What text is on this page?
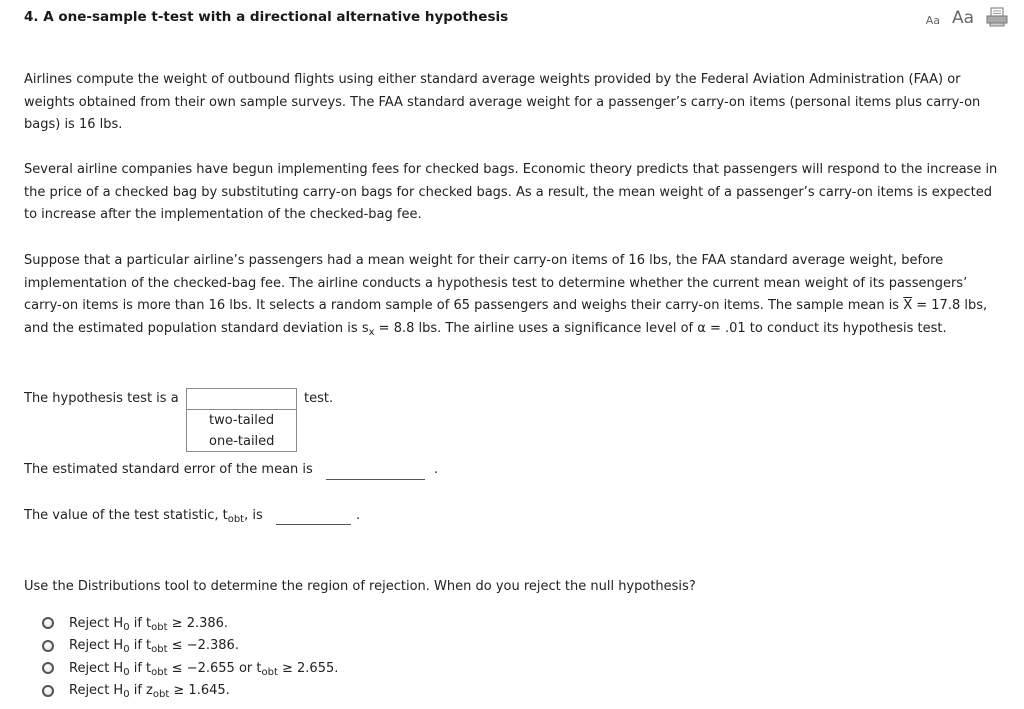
4. A one-sample t-test with a directional alternative hypothesis	Aa Aa

Airlines compute the weight of outbound flights using either standard average weights provided by the Federal Aviation Administration (FAA) or weights obtained from their own sample surveys. The FAA standard average weight for a passenger’s carry-on items (personal items plus carry-on bags) is 16 lbs.

Several airline companies have begun implementing fees for checked bags. Economic theory predicts that passengers will respond to the increase in the price of a checked bag by substituting carry-on bags for checked bags. As a result, the mean weight of a passenger’s carry-on items is expected to increase after the implementation of the checked-bag fee.

Suppose that a particular airline’s passengers had a mean weight for their carry-on items of 16 lbs, the FAA standard average weight, before implementation of the checked-bag fee. The airline conducts a hypothesis test to determine whether the current mean weight of its passengers’ carry-on items is more than 16 lbs. It selects a random sample of 65 passengers and weighs their carry-on items. The sample mean is $\overline{X} = 17.8$ lbs, and the estimated population standard deviation is $s_x = 8.8$ lbs. The airline uses a significance level of α = .01 to conduct its hypothesis test.

The hypothesis test is a
two-tailed
one-tailed
test.
The estimated standard error of the mean is	.
The value of the test statistic, $t_{obt}$, is	.
Use the Distributions tool to determine the region of rejection. When do you reject the null hypothesis?
Reject $H_0$ if $t_{obt} \ge 2.386$.
Reject $H_0$ if $t_{obt} \le -2.386$.
Reject $H_0$ if $t_{obt} \le -2.655$ or $t_{obt} \ge 2.655$.
Reject $H_0$ if $z_{obt} \ge 1.645$.
